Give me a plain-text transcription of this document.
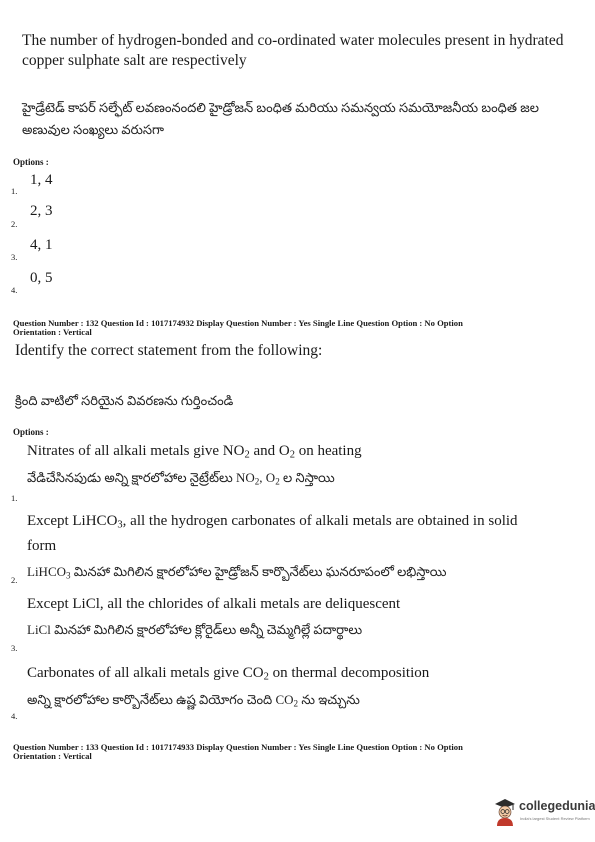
The number of hydrogen-bonded and co-ordinated water molecules present in hydrated copper sulphate salt are respectively
హైడ్రేటెడ్ కాపర్ సల్ఫేట్ లవణంనందలి హైడ్రోజన్ బంధిత మరియు సమన్వయ సమయోజనీయ బంధిత జల అణువుల సంఖ్యలు వరుసగా
Options :
1.
1, 4
2.
2, 3
3.
4, 1
4.
0, 5
Question Number : 132 Question Id : 1017174932 Display Question Number : Yes Single Line Question Option : No Option
Orientation : Vertical
Identify the correct statement from the following:
క్రింది వాటిలో సరియైన వివరణను గుర్తించండి
Options :
Nitrates of all alkali metals give $NO_2$ and $O_2$ on heating
వేడిచేసినపుడు అన్ని క్షారలోహాల నైట్రేట్‌లు $NO_2$, $O_2$ ల నిస్తాయి
1.
Except LiHCO$_3$, all the hydrogen carbonates of alkali metals are obtained in solid
form
LiHCO$_3$ మినహా మిగిలిన క్షారలోహాల హైడ్రోజన్ కార్బొనేట్‌లు ఘనరూపంలో లభిస్తాయి
2.
Except LiCl, all the chlorides of alkali metals are deliquescent
LiCl మినహా మిగిలిన క్షారలోహాల క్లోరైడ్‌లు అన్నీ చెమ్మగిల్లే పదార్థాలు
3.
Carbonates of all alkali metals give $CO_2$ on thermal decomposition
అన్ని క్షారలోహాల కార్బొనేట్‌లు ఉష్ణ వియోగం చెంది $CO_2$ ను ఇచ్చును
4.
Question Number : 133 Question Id : 1017174933 Display Question Number : Yes Single Line Question Option : No Option
Orientation : Vertical
collegedunia
India's largest Student Review Platform
